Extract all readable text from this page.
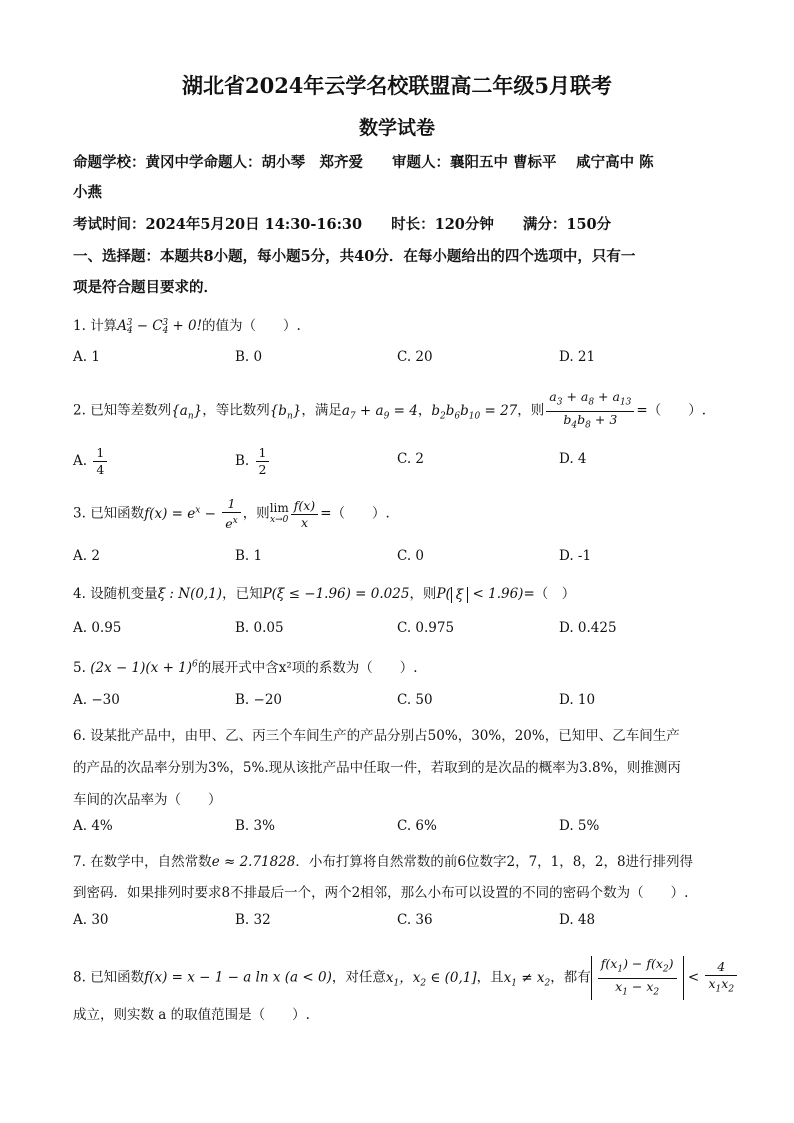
湖北省2024年云学名校联盟高二年级5月联考
数学试卷
命题学校：黄冈中学命题人：胡小琴　郑齐爱　　审题人：襄阳五中 曹标平　 咸宁高中 陈
小燕
考试时间：2024年5月20日 14:30-16:30　　时长：120分钟　　满分：150分
一、选择题：本题共8小题，每小题5分，共40分．在每小题给出的四个选项中，只有一
项是符合题目要求的．
1. 计算$A_4^3 - C_4^3 + 0$!的值为（　　）.
A. 1	B. 0	C. 20	D. 21
2. 已知等差数列$\{a_n\}$，等比数列$\{b_n\}$，满足$a_7 + a_9 = 4$，$b_2b_6b_{10} = 27$，则 $\frac{a_3 + a_8 + a_{13}}{b_4b_8 + 3}$ =（　　）.
A. $\frac{1}{4}$	B. $\frac{1}{2}$	C. 2	D. 4
3. 已知函数$f(x) = e^x - \frac{1}{e^x}$ ，则lim
$x\to 0 \frac{f(x)}{x}$ =（　　）.
A. 2	B. 1	C. 0	D. -1
4. 设随机变量ξ : N(0,1)，已知P(ξ ≤ −1.96) = 0.025，则P( ξ < 1.96)=（　）
A. 0.95	B. 0.05	C. 0.975	D. 0.425
5. $(2x - 1)(x + 1)^6$的展开式中含x²项的系数为（　　）.
A. −30	B. −20	C. 50	D. 10
6. 设某批产品中，由甲、乙、丙三个车间生产的产品分别占50%，30%，20%，已知甲、乙车间生产
的产品的次品率分别为3%，5%.现从该批产品中任取一件，若取到的是次品的概率为3.8%，则推测丙
车间的次品率为（　　）
A. 4%	B. 3%	C. 6%	D. 5%
7. 在数学中，自然常数e ≈ 2.71828．小布打算将自然常数的前6位数字2，7，1，8，2，8进行排列得
到密码．如果排列时要求8不排最后一个，两个2相邻，那么小布可以设置的不同的密码个数为（　　）.
A. 30	B. 32	C. 36	D. 48
8. 已知函数f(x) = x − 1 − a ln x (a < 0)，对任意$x_1$，$x_2$ ∈ (0,1]，且$x_1 \ne x_2$，都有 $\frac{f(x_1) - f(x_2)}{x_1 - x_2} < \frac{4}{x_1x_2}$
成立，则实数 a 的取值范围是（　　）.
